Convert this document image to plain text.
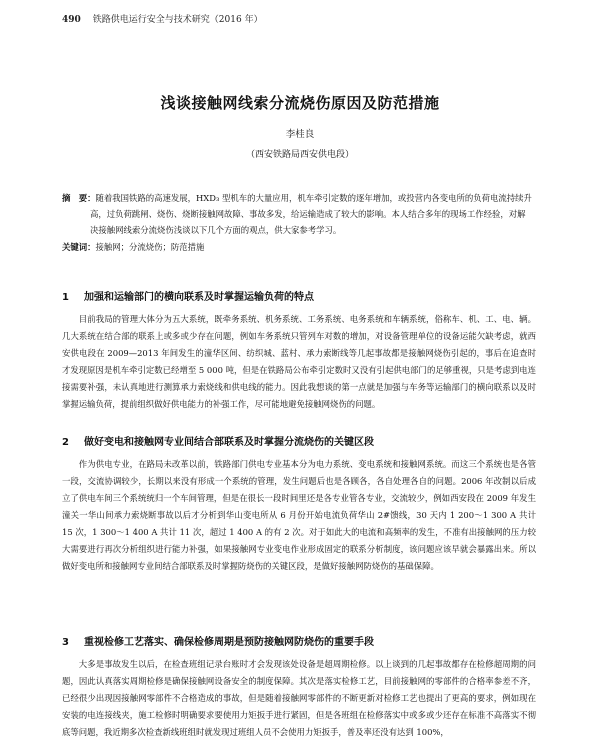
490 铁路供电运行安全与技术研究（2016 年）
浅谈接触网线索分流烧伤原因及防范措施
李桂良
（西安铁路局西安供电段）
摘　要：随着我国铁路的高速发展，HXD₃ 型机车的大量应用，机车牵引定数的逐年增加，或投营内各变电所的负荷电流持续升高，过负荷跳闸、烧伤、烧断接触网故障、事故多发，给运输造成了较大的影响。本人结合多年的现场工作经验，对解决接触网线索分流烧伤浅谈以下几个方面的观点，供大家参考学习。
关键词：接触网；分流烧伤；防范措施
1 加强和运输部门的横向联系及时掌握运输负荷的特点

目前我局的管理大体分为五大系统，既牵务系统、机务系统、工务系统、电务系统和车辆系统，俗称车、机、工、电、辆。几大系统在结合部的联系上或多或少存在问题，例如车务系统只管列车对数的增加，对设备管理单位的设备运能欠缺考虑，就西安供电段在 2009—2013 年间发生的潼华区间、纺织城、蓝村、承力索断线等几起事故都是接触网烧伤引起的，事后在追查时才发现原因是机车牵引定数已经增至 5 000 吨，但是在铁路局公布牵引定数时又没有引起供电部门的足够重视，只是考虑到电连接需要补强，未认真地进行测算承力索烧线和供电线的能力。因此我想谈的第一点就是加强与车务等运输部门的横向联系以及时掌握运输负荷，提前组织做好供电能力的补强工作，尽可能地避免接触网烧伤的问题。

2 做好变电和接触网专业间结合部联系及时掌握分流烧伤的关键区段

作为供电专业，在路局未改革以前，铁路部门供电专业基本分为电力系统、变电系统和接触网系统。而这三个系统也是各管一段，交流协调较少，长期以来没有形成一个系统的管理，发生问题后也是各顾各，各自处理各自的问题。2006 年改制以后成立了供电车间三个系统统归一个车间管理，但是在很长一段时间里还是各专业管各专业，交流较少，例如西安段在 2009 年发生潼关一华山间承力索烧断事故以后才分析到华山变电所从 6 月份开始电流负荷华山 2#馈线，30 天内 1 200～1 300 A 共计 15 次，1 300～1 400 A 共计 11 次，超过 1 400 A 的有 2 次。对于如此大的电流和高频率的发生，不准有出接触网的压力较大需要进行再次分析组织进行能力补强，如果接触网专业变电作业形成固定的联系分析制度，该问题应该早就会暴露出来。所以做好变电所和接触网专业间结合部联系及时掌握防烧伤的关键区段，是做好接触网防烧伤的基础保障。

3 重视检修工艺落实、确保检修周期是预防接触网防烧伤的重要手段

大多是事故发生以后，在检查班组记录台账时才会发现该处设备是超周期检修。以上谈到的几起事故都存在检修超周期的问题，因此认真落实周期检修是确保接触网设备安全的制度保障。其次是落实检修工艺，目前接触网的零部件的合格率参差不齐，已经很少出现因接触网零部件不合格造成的事故，但是随着接触网零部件的不断更新对检修工艺也提出了更高的要求，例如现在安装的电连接线夹，施工检修时明确要求要使用力矩扳手进行紧固，但是各班组在检修落实中或多或少还存在标准不高落实不彻底等问题，我近期多次检查新线班组时就发现过班组人员不会使用力矩扳手，普及率还没有达到 100%，
